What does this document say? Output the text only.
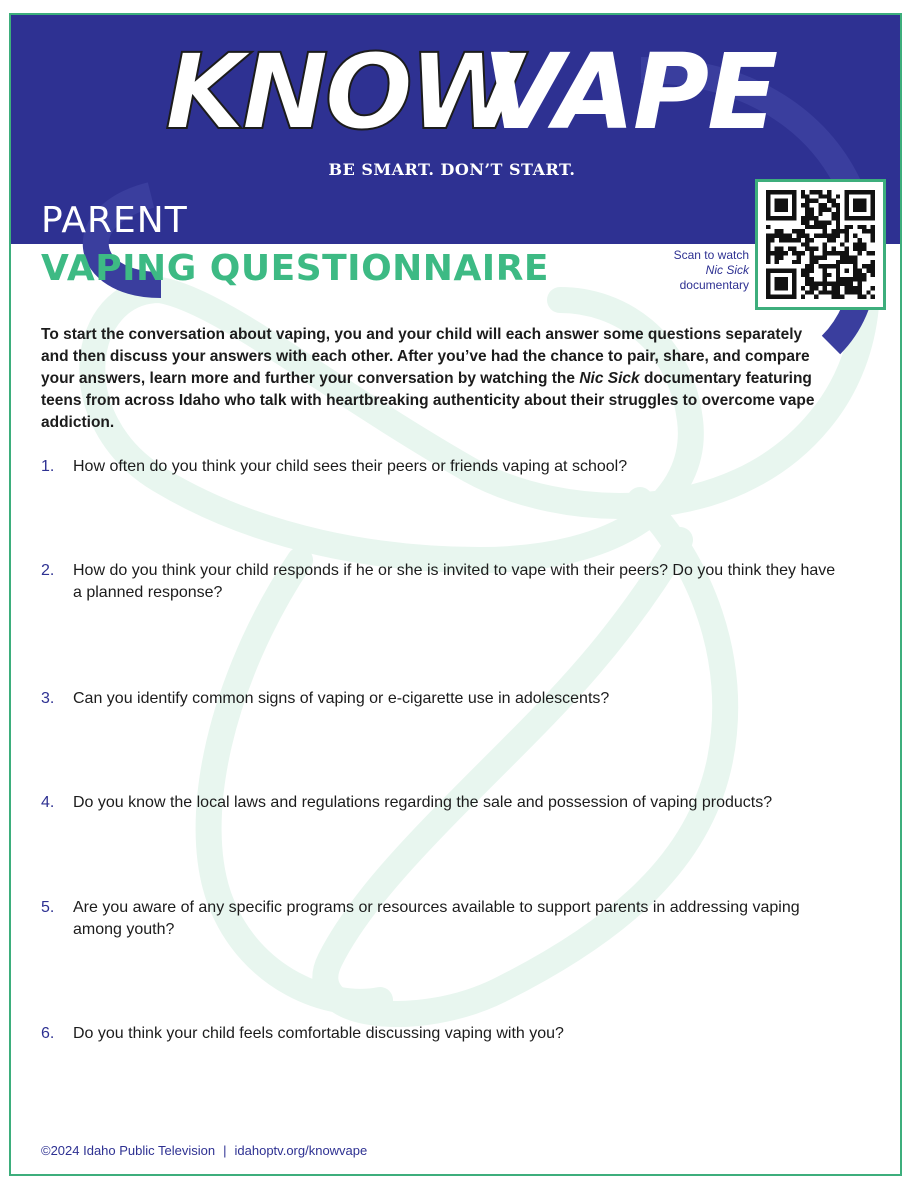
KNOW
VAPE
BE SMART. DON’T START.
PARENT
VAPING QUESTIONNAIRE	Scan to watch
Nic Sick
documentary
To start the conversation about vaping, you and your child will each answer some questions separately and then discuss your answers with each other. After you’ve had the chance to pair, share, and compare your answers, learn more and further your conversation by watching the Nic Sick documentary featuring teens from across Idaho who talk with heartbreaking authenticity about their struggles to overcome vape addiction.
1. How often do you think your child sees their peers or friends vaping at school?
2. How do you think your child responds if he or she is invited to vape with their peers? Do you think they have a planned response?
3. Can you identify common signs of vaping or e-cigarette use in adolescents?
4. Do you know the local laws and regulations regarding the sale and possession of vaping products?
5. Are you aware of any specific programs or resources available to support parents in addressing vaping among youth?
6. Do you think your child feels comfortable discussing vaping with you?
©2024 Idaho Public Television | idahoptv.org/knowvape
